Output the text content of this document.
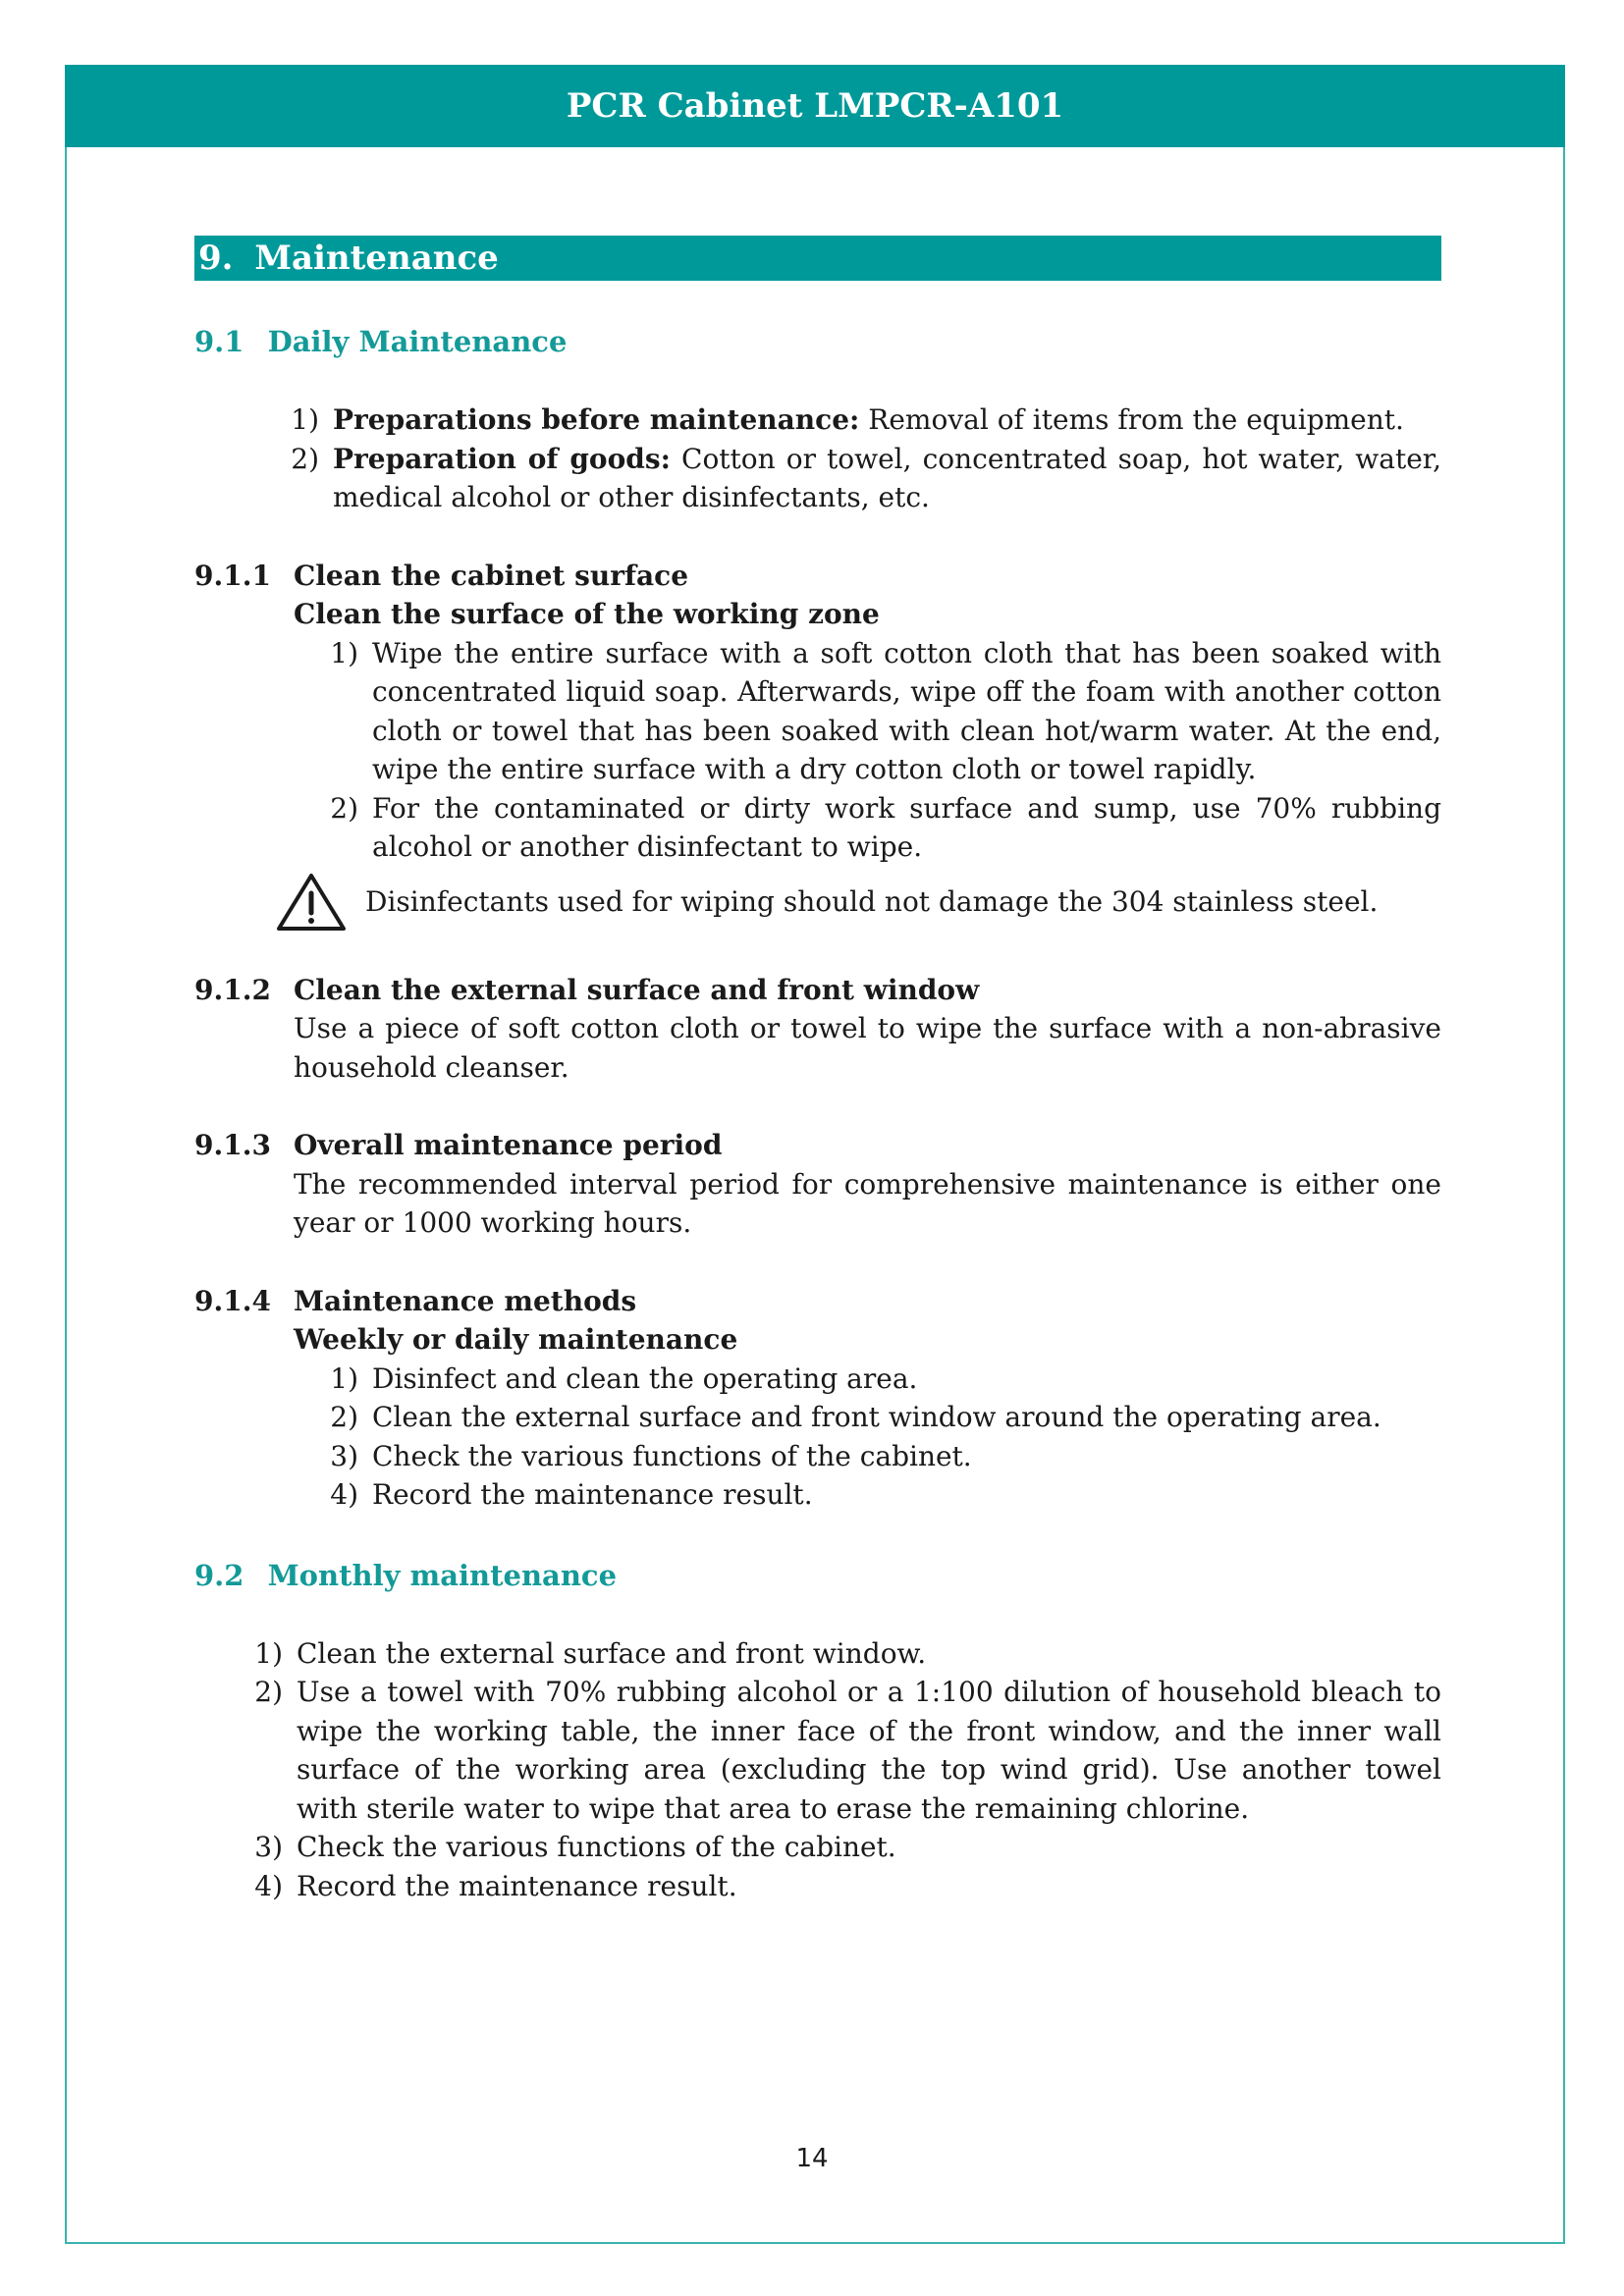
PCR Cabinet LMPCR-A101
9. Maintenance
9.1 Daily Maintenance
1) Preparations before maintenance: Removal of items from the equipment.
2) Preparation of goods: Cotton or towel, concentrated soap, hot water, water, medical alcohol or other disinfectants, etc.
9.1.1 Clean the cabinet surface
Clean the surface of the working zone
1) Wipe the entire surface with a soft cotton cloth that has been soaked with concentrated liquid soap. Afterwards, wipe off the foam with another cotton cloth or towel that has been soaked with clean hot/warm water. At the end, wipe the entire surface with a dry cotton cloth or towel rapidly.
2) For the contaminated or dirty work surface and sump, use 70% rubbing alcohol or another disinfectant to wipe.
Disinfectants used for wiping should not damage the 304 stainless steel.
9.1.2 Clean the external surface and front window
Use a piece of soft cotton cloth or towel to wipe the surface with a non-abrasive household cleanser.
9.1.3 Overall maintenance period
The recommended interval period for comprehensive maintenance is either one year or 1000 working hours.
9.1.4 Maintenance methods
Weekly or daily maintenance
1) Disinfect and clean the operating area.
2) Clean the external surface and front window around the operating area.
3) Check the various functions of the cabinet.
4) Record the maintenance result.
9.2 Monthly maintenance
1) Clean the external surface and front window.
2) Use a towel with 70% rubbing alcohol or a 1:100 dilution of household bleach to wipe the working table, the inner face of the front window, and the inner wall surface of the working area (excluding the top wind grid). Use another towel with sterile water to wipe that area to erase the remaining chlorine.
3) Check the various functions of the cabinet.
4) Record the maintenance result.
14
